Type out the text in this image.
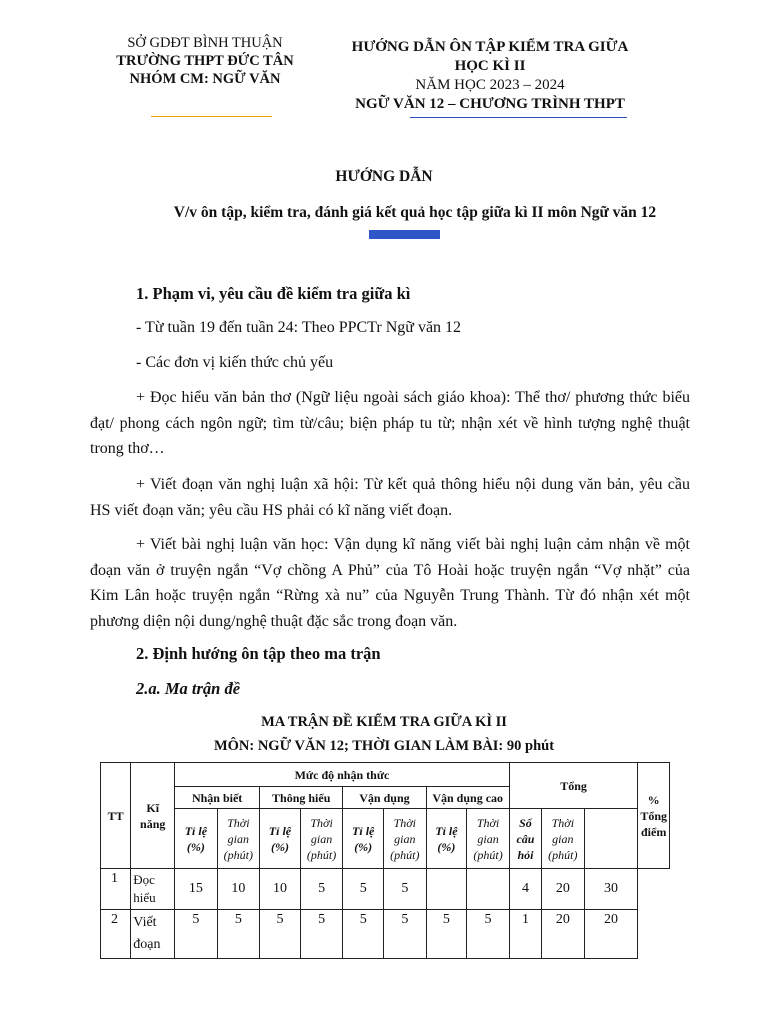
SỞ GDĐT BÌNH THUẬN
TRƯỜNG THPT ĐỨC TÂN
NHÓM CM: NGỮ VĂN
HƯỚNG DẪN ÔN TẬP KIỂM TRA GIỮA
HỌC KÌ II
NĂM HỌC 2023 – 2024
NGỮ VĂN 12 – CHƯƠNG TRÌNH THPT
HƯỚNG DẪN
V/v ôn tập, kiểm tra, đánh giá kết quả học tập giữa kì II môn Ngữ văn 12
1. Phạm vi, yêu cầu đề kiểm tra giữa kì
- Từ tuần 19 đến tuần 24: Theo PPCTr Ngữ văn 12
- Các đơn vị kiến thức chủ yếu
+ Đọc hiểu văn bản thơ (Ngữ liệu ngoài sách giáo khoa): Thể thơ/ phương thức biểu đạt/ phong cách ngôn ngữ; tìm từ/câu; biện pháp tu từ; nhận xét về hình tượng nghệ thuật trong thơ…
+ Viết đoạn văn nghị luận xã hội: Từ kết quả thông hiểu nội dung văn bản, yêu cầu HS viết đoạn văn; yêu cầu HS phải có kĩ năng viết đoạn.
+ Viết bài nghị luận văn học: Vận dụng kĩ năng viết bài nghị luận cảm nhận về một đoạn văn ở truyện ngắn “Vợ chồng A Phủ” của Tô Hoài hoặc truyện ngắn “Vợ nhặt” của Kim Lân hoặc truyện ngắn “Rừng xà nu” của Nguyễn Trung Thành. Từ đó nhận xét một phương diện nội dung/nghệ thuật đặc sắc trong đoạn văn.
2. Định hướng ôn tập theo ma trận
2.a. Ma trận đề
MA TRẬN ĐỀ KIỂM TRA GIỮA KÌ II
MÔN: NGỮ VĂN 12; THỜI GIAN LÀM BÀI: 90 phút
TT	Kĩ năng	Mức độ nhận thức								Tổng			% Tổng điểm
		Nhận biết		Thông hiểu		Vận dụng		Vận dụng cao					
		Tỉ lệ (%)	Thời gian (phút)	Tỉ lệ (%)	Thời gian (phút)	Tỉ lệ (%)	Thời gian (phút)	Tỉ lệ (%)	Thời gian (phút)	Số câu hỏi	Thời gian (phút)		
1	Đọc hiểu	15	10	10	5	5	5			4	20	30	
2	Viết đoạn	5	5	5	5	5	5	5	5	1	20	20	
